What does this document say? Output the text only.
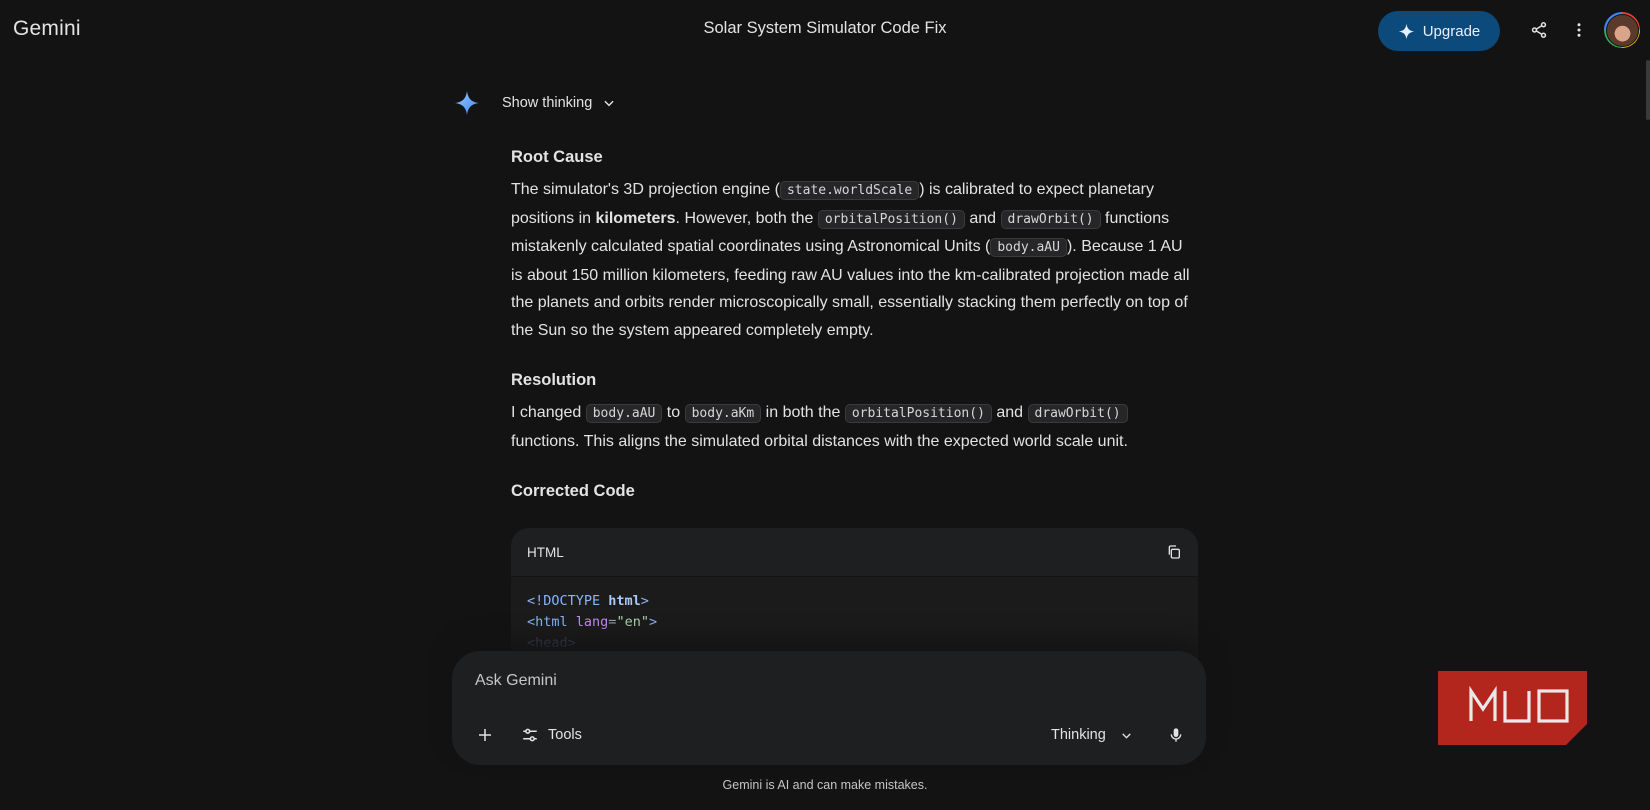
Gemini	Solar System Simulator Code Fix	Upgrade
Show thinking
Root Cause

The simulator's 3D projection engine ( state.worldScale ) is calibrated to expect planetary positions in kilometers. However, both the orbitalPosition() and drawOrbit() functions mistakenly calculated spatial coordinates using Astronomical Units ( body.aAU ). Because 1 AU is about 150 million kilometers, feeding raw AU values into the km-calibrated projection made all the planets and orbits render microscopically small, essentially stacking them perfectly on top of the Sun so the system appeared completely empty.

Resolution

I changed body.aAU to body.aKm in both the orbitalPosition() and drawOrbit() functions. This aligns the simulated orbital distances with the expected world scale unit.

Corrected Code
HTML
<!DOCTYPE html>
<html lang="en">
<head>
Ask Gemini
Tools	Thinking
Gemini is AI and can make mistakes.
